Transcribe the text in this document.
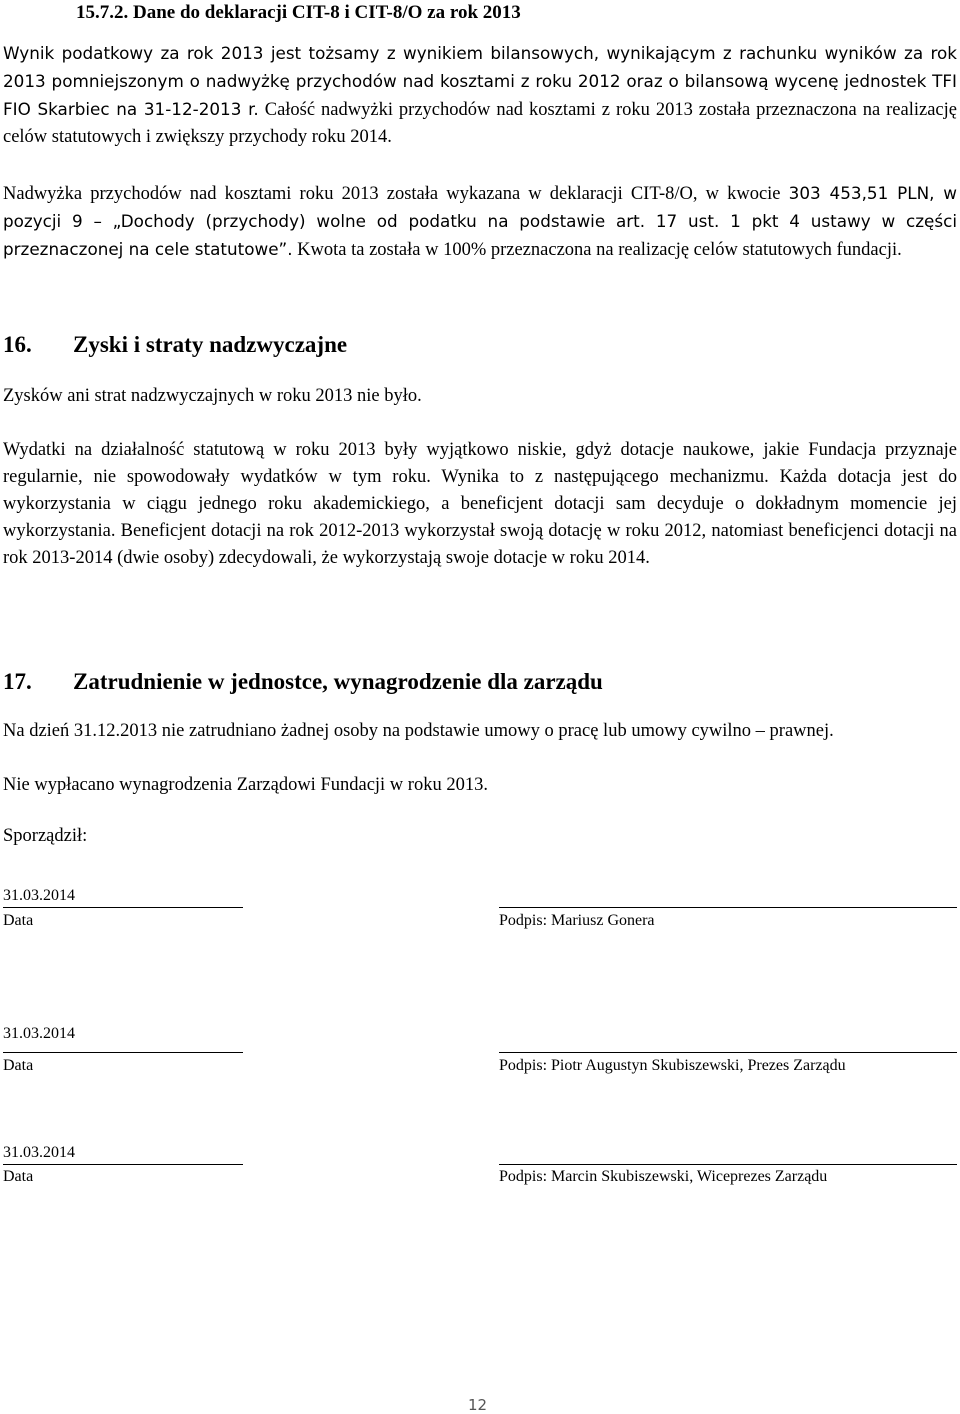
15.7.2. Dane do deklaracji CIT-8 i CIT-8/O za rok 2013

Wynik podatkowy za rok 2013 jest tożsamy z wynikiem bilansowych, wynikającym z rachunku wyników za rok 2013 pomniejszonym o nadwyżkę przychodów nad kosztami z roku 2012 oraz o bilansową wycenę jednostek TFI FIO Skarbiec na 31-12-2013 r. Całość nadwyżki przychodów nad kosztami z roku 2013 została przeznaczona na realizację celów statutowych i zwiększy przychody roku 2014.

Nadwyżka przychodów nad kosztami roku 2013 została wykazana w deklaracji CIT-8/O, w kwocie 303 453,51 PLN, w pozycji 9 – „Dochody (przychody) wolne od podatku na podstawie art. 17 ust. 1 pkt 4 ustawy w części przeznaczonej na cele statutowe”. Kwota ta została w 100% przeznaczona na realizację celów statutowych fundacji.

16. Zyski i straty nadzwyczajne
Zysków ani strat nadzwyczajnych w roku 2013 nie było.

Wydatki na działalność statutową w roku 2013 były wyjątkowo niskie, gdyż dotacje naukowe, jakie Fundacja przyznaje regularnie, nie spowodowały wydatków w tym roku. Wynika to z następującego mechanizmu. Każda dotacja jest do wykorzystania w ciągu jednego roku akademickiego, a beneficjent dotacji sam decyduje o dokładnym momencie jej wykorzystania. Beneficjent dotacji na rok 2012-2013 wykorzystał swoją dotację w roku 2012, natomiast beneficjenci dotacji na rok 2013-2014 (dwie osoby) zdecydowali, że wykorzystają swoje dotacje w roku 2014.

17. Zatrudnienie w jednostce, wynagrodzenie dla zarządu

Na dzień 31.12.2013 nie zatrudniano żadnej osoby na podstawie umowy o pracę lub umowy cywilno – prawnej.

Nie wypłacano wynagrodzenia Zarządowi Fundacji w roku 2013.
Sporządził:
31.03.2014
Data	Podpis: Mariusz Gonera
31.03.2014
Data	Podpis: Piotr Augustyn Skubiszewski, Prezes Zarządu
31.03.2014
Data	Podpis: Marcin Skubiszewski, Wiceprezes Zarządu
12
